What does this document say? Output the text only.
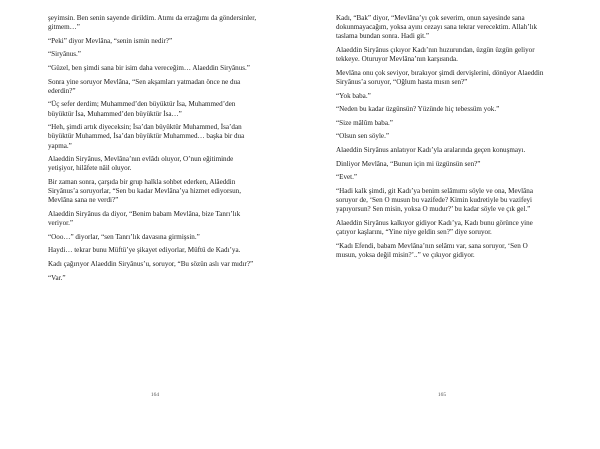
şeyimsin. Ben senin sayende dirildim. Atımı da erzağımı da göndersinler, gitmem…”

“Peki” diyor Mevlâna, “senin ismin nedir?”

“Siryânus.”

“Güzel, ben şimdi sana bir isim daha vereceğim… Alaeddin Siryânus.”

Sonra yine soruyor Mevlâna, “Sen akşamları yatmadan önce ne dua ederdin?”

“Üç sefer derdim; Muhammed’den büyüktür İsa, Muhammed’den büyüktür İsa, Muhammed’den büyüktür İsa…”

“Heh, şimdi artık diyeceksin; İsa’dan büyüktür Muhammed, İsa’dan büyüktür Muhammed, İsa’dan büyüktür Muhammed… başka bir dua yapma.”

Alaeddin Siryânus, Mevlâna’nın evlâdı oluyor, O’nun eğitiminde yetişiyor, hilâfete nâil oluyor.

Bir zaman sonra, çarşıda bir grup halkla sohbet ederken, Alâeddin Siryânus’a soruyorlar, “Sen bu kadar Mevlâna’ya hizmet ediyorsun, Mevlâna sana ne verdi?”

Alaeddin Siryânus da diyor, “Benim babam Mevlâna, bize Tanrı’lık veriyor.”

“Ooo…” diyorlar, “sen Tanrı’lık davasına girmişsin.”

Haydi… tekrar bunu Müftü’ye şikayet ediyorlar, Müftü de Kadı’ya.

Kadı çağırıyor Alaeddin Siryânus’u, soruyor, “Bu sözün aslı var mıdır?”

“Var.”

164

Kadı, “Bak” diyor, “Mevlâna’yı çok severim, onun sayesinde sana dokunmayacağım, yoksa ayını cezayı sana tekrar verecektim. Allah’lık taslama bundan sonra. Hadi git.”

Alaeddin Siryânus çıkıyor Kadı’nın huzurundan, üzgün üzgün geliyor tekkeye. Oturuyor Mevlâna’nın karşısında.

Mevlâna onu çok seviyor, bırakıyor şimdi dervişlerini, dönüyor Alaeddin Siryânus’a soruyor, “Oğlum hasta mısın sen?”

“Yok baba.”

“Neden bu kadar üzgünsün? Yüzünde hiç tebessüm yok.”

“Size mâlûm baba.”

“Olsun sen söyle.”

Alaeddin Siryânus anlatıyor Kadı’yla aralarında geçen konuşmayı.

Dinliyor Mevlâna, “Bunun için mi üzgünsün sen?”

“Evet.”

“Hadi kalk şimdi, git Kadı’ya benim selâmımı söyle ve ona, Mevlâna soruyor de, ‘Sen O musun bu vazifede? Kimin kudretiyle bu vazifeyi yapıyorsun? Sen misin, yoksa O mudur?’ bu kadar söyle ve çık gel.”

Alaeddin Siryânus kalkıyor gidiyor Kadı’ya, Kadı bunu görünce yine çatıyor kaşlarını, “Yine niye geldin sen?” diye soruyor.

“Kadı Efendi, babam Mevlâna’nın selâmı var, sana soruyor, ‘Sen O musun, yoksa değil misin?’..” ve çıkıyor gidiyor.

165
